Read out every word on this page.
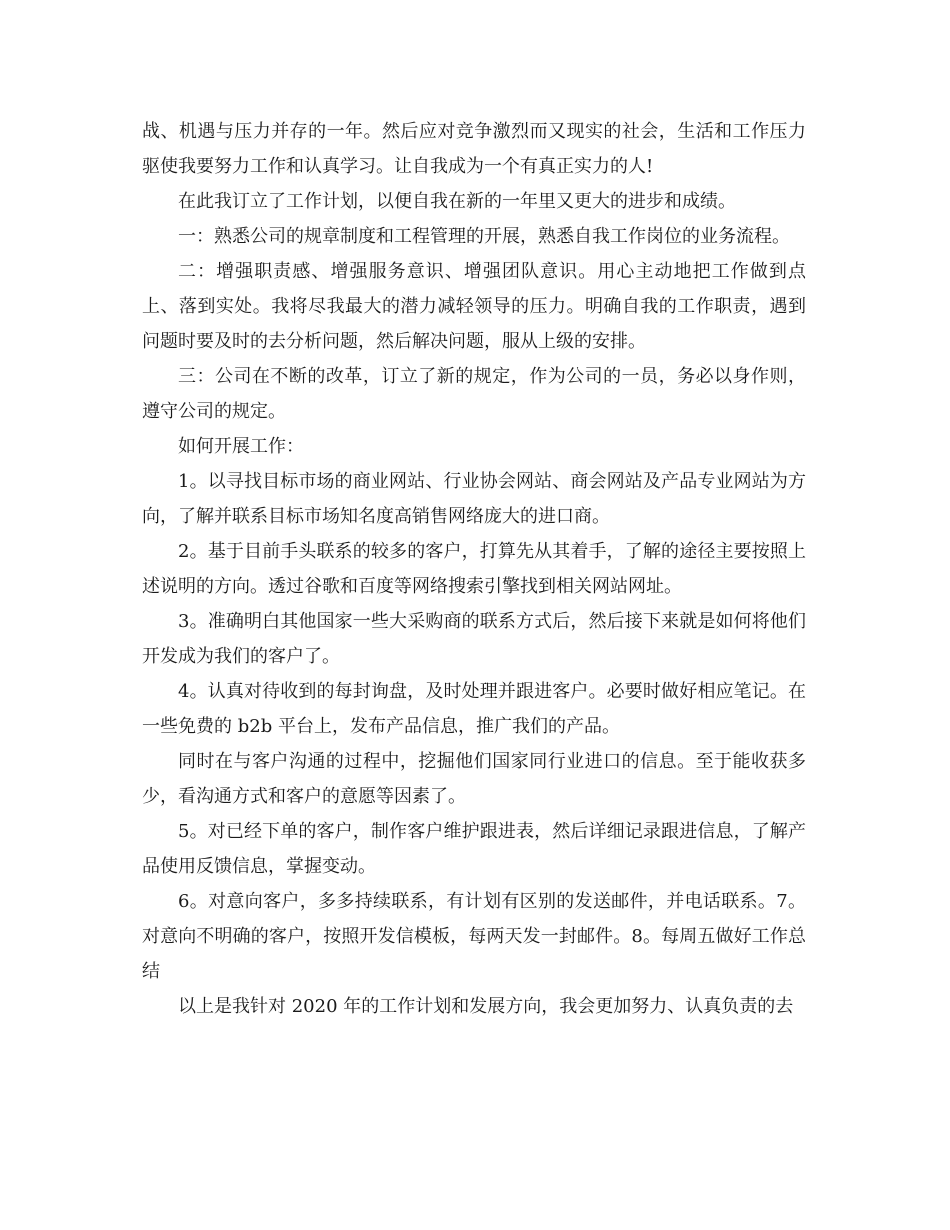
战、机遇与压力并存的一年。然后应对竞争激烈而又现实的社会，生活和工作压力驱使我要努力工作和认真学习。让自我成为一个有真正实力的人!

在此我订立了工作计划，以便自我在新的一年里又更大的进步和成绩。

一：熟悉公司的规章制度和工程管理的开展，熟悉自我工作岗位的业务流程。

二：增强职责感、增强服务意识、增强团队意识。用心主动地把工作做到点上、落到实处。我将尽我最大的潜力减轻领导的压力。明确自我的工作职责，遇到问题时要及时的去分析问题，然后解决问题，服从上级的安排。

三：公司在不断的改革，订立了新的规定，作为公司的一员，务必以身作则，遵守公司的规定。

如何开展工作：

1。以寻找目标市场的商业网站、行业协会网站、商会网站及产品专业网站为方向，了解并联系目标市场知名度高销售网络庞大的进口商。

2。基于目前手头联系的较多的客户，打算先从其着手，了解的途径主要按照上述说明的方向。透过谷歌和百度等网络搜索引擎找到相关网站网址。

3。准确明白其他国家一些大采购商的联系方式后，然后接下来就是如何将他们开发成为我们的客户了。

4。认真对待收到的每封询盘，及时处理并跟进客户。必要时做好相应笔记。在一些免费的 b2b 平台上，发布产品信息，推广我们的产品。

同时在与客户沟通的过程中，挖掘他们国家同行业进口的信息。至于能收获多少，看沟通方式和客户的意愿等因素了。

5。对已经下单的客户，制作客户维护跟进表，然后详细记录跟进信息，了解产品使用反馈信息，掌握变动。

6。对意向客户，多多持续联系，有计划有区别的发送邮件，并电话联系。7。对意向不明确的客户，按照开发信模板，每两天发一封邮件。8。每周五做好工作总结

以上是我针对 2020 年的工作计划和发展方向，我会更加努力、认真负责的去
